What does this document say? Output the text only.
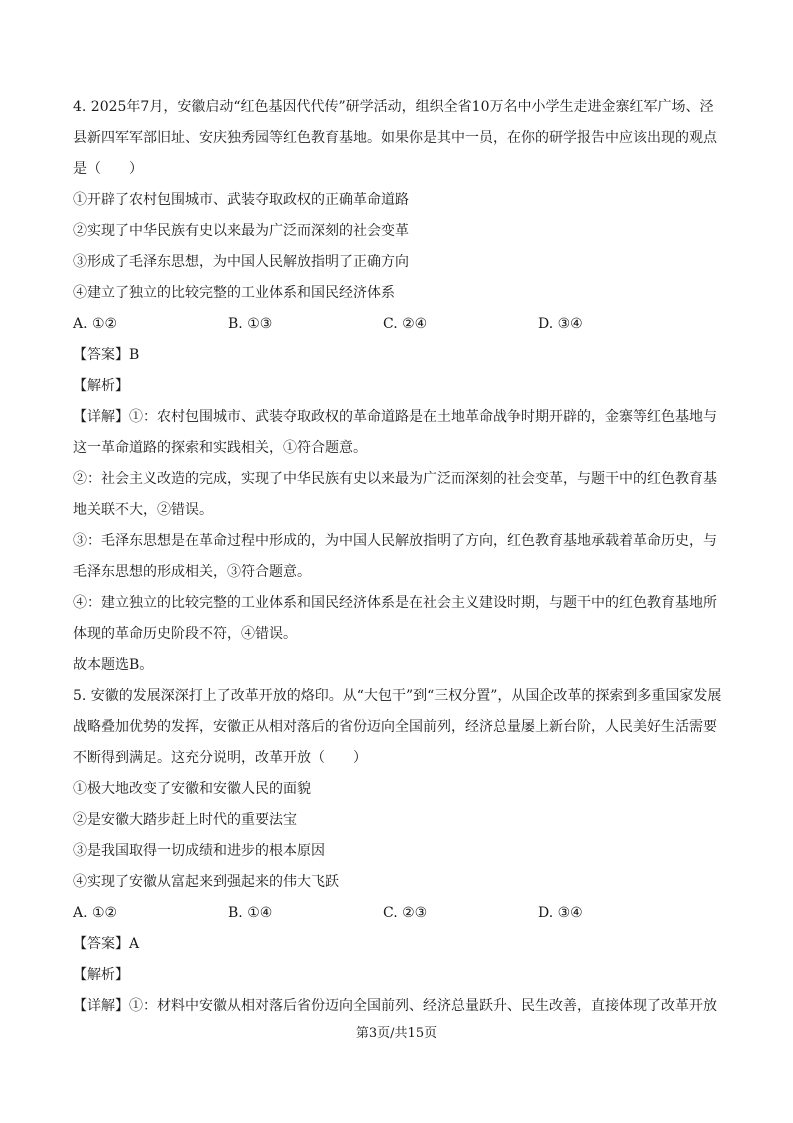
4. 2025年7月，安徽启动“红色基因代代传”研学活动，组织全省10万名中小学生走进金寨红军广场、泾县新四军军部旧址、安庆独秀园等红色教育基地。如果你是其中一员，在你的研学报告中应该出现的观点是（　　）
①开辟了农村包围城市、武装夺取政权的正确革命道路
②实现了中华民族有史以来最为广泛而深刻的社会变革
③形成了毛泽东思想，为中国人民解放指明了正确方向
④建立了独立的比较完整的工业体系和国民经济体系
A. ①②	B. ①③	C. ②④	D. ③④
【答案】B
【解析】
【详解】①：农村包围城市、武装夺取政权的革命道路是在土地革命战争时期开辟的，金寨等红色基地与这一革命道路的探索和实践相关，①符合题意。
②：社会主义改造的完成，实现了中华民族有史以来最为广泛而深刻的社会变革，与题干中的红色教育基地关联不大，②错误。
③：毛泽东思想是在革命过程中形成的，为中国人民解放指明了方向，红色教育基地承载着革命历史，与毛泽东思想的形成相关，③符合题意。
④：建立独立的比较完整的工业体系和国民经济体系是在社会主义建设时期，与题干中的红色教育基地所体现的革命历史阶段不符，④错误。
故本题选B。
5. 安徽的发展深深打上了改革开放的烙印。从“大包干”到“三权分置”，从国企改革的探索到多重国家发展战略叠加优势的发挥，安徽正从相对落后的省份迈向全国前列，经济总量屡上新台阶，人民美好生活需要不断得到满足。这充分说明，改革开放（　　）
①极大地改变了安徽和安徽人民的面貌
②是安徽大踏步赶上时代的重要法宝
③是我国取得一切成绩和进步的根本原因
④实现了安徽从富起来到强起来的伟大飞跃
A. ①②	B. ①④	C. ②③	D. ③④
【答案】A
【解析】
【详解】①：材料中安徽从相对落后省份迈向全国前列、经济总量跃升、民生改善，直接体现了改革开放
第3页/共15页
